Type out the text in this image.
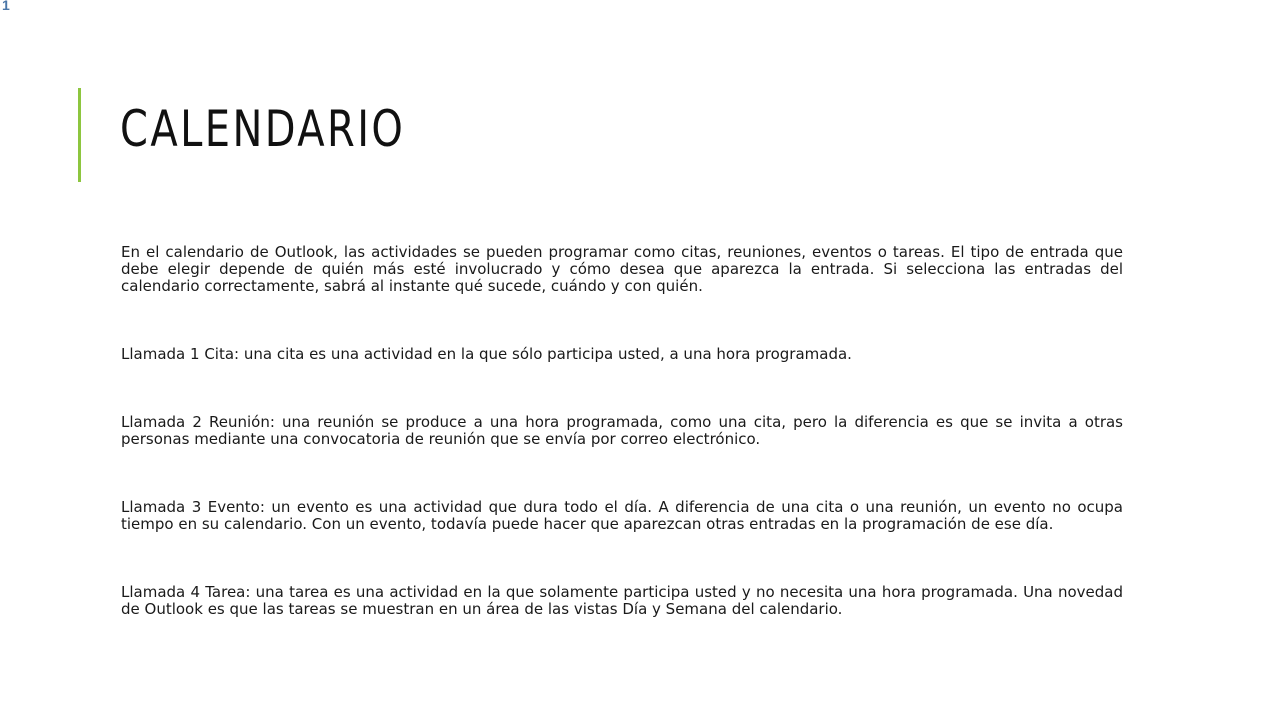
1
CALENDARIO

En el calendario de Outlook, las actividades se pueden programar como citas, reuniones, eventos o tareas. El tipo de entrada que debe elegir depende de quién más esté involucrado y cómo desea que aparezca la entrada. Si selecciona las entradas del calendario correctamente, sabrá al instante qué sucede, cuándo y con quién.

Llamada 1 Cita: una cita es una actividad en la que sólo participa usted, a una hora programada.

Llamada 2 Reunión: una reunión se produce a una hora programada, como una cita, pero la diferencia es que se invita a otras personas mediante una convocatoria de reunión que se envía por correo electrónico.

Llamada 3 Evento: un evento es una actividad que dura todo el día. A diferencia de una cita o una reunión, un evento no ocupa tiempo en su calendario. Con un evento, todavía puede hacer que aparezcan otras entradas en la programación de ese día.

Llamada 4 Tarea: una tarea es una actividad en la que solamente participa usted y no necesita una hora programada. Una novedad de Outlook es que las tareas se muestran en un área de las vistas Día y Semana del calendario.
